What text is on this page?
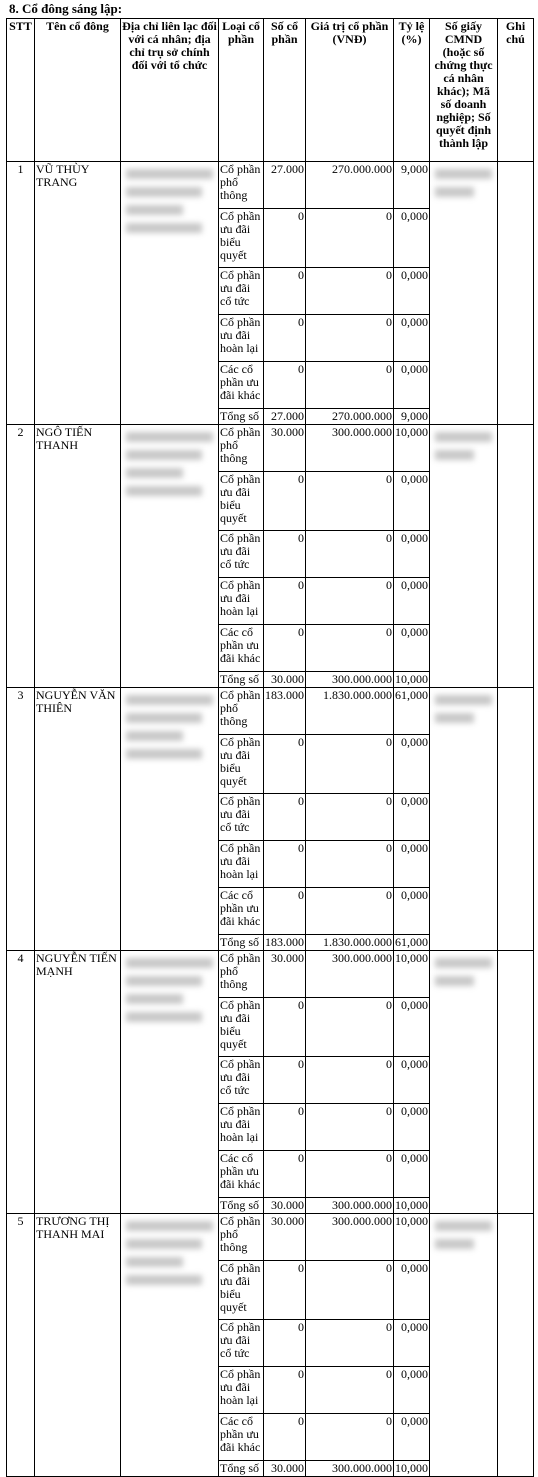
8. Cổ đông sáng lập:
STT	Tên cổ đông	Địa chỉ liên lạc đối với cá nhân; địa chỉ trụ sở chính đối với tổ chức	Loại cổ phần	Số cổ phần	Giá trị cổ phần (VNĐ)	Tỷ lệ (%)	Số giấy CMND (hoặc số chứng thực cá nhân khác); Mã số doanh nghiệp; Số quyết định thành lập	Ghi chú
1	VŨ THÙY TRANG		Cổ phần phổ thông	27.000	270.000.000	9,000	

			Cổ phần ưu đãi biểu quyết	0	0	0,000		
			Cổ phần ưu đãi cổ tức	0	0	0,000		
			Cổ phần ưu đãi hoàn lại	0	0	0,000		
			Các cổ phần ưu đãi khác	0	0	0,000		
			Tổng số	27.000	270.000.000	9,000		
2	NGÔ TIẾN THANH		Cổ phần phổ thông	30.000	300.000.000	10,000	

			Cổ phần ưu đãi biểu quyết	0	0	0,000		
			Cổ phần ưu đãi cổ tức	0	0	0,000		
			Cổ phần ưu đãi hoàn lại	0	0	0,000		
			Các cổ phần ưu đãi khác	0	0	0,000		
			Tổng số	30.000	300.000.000	10,000		
3	NGUYỄN VĂN THIÊN		Cổ phần phổ thông	183.000	1.830.000.000	61,000	

			Cổ phần ưu đãi biểu quyết	0	0	0,000		
			Cổ phần ưu đãi cổ tức	0	0	0,000		
			Cổ phần ưu đãi hoàn lại	0	0	0,000		
			Các cổ phần ưu đãi khác	0	0	0,000		
			Tổng số	183.000	1.830.000.000	61,000		
4	NGUYỄN TIẾN MẠNH		Cổ phần phổ thông	30.000	300.000.000	10,000	

			Cổ phần ưu đãi biểu quyết	0	0	0,000		
			Cổ phần ưu đãi cổ tức	0	0	0,000		
			Cổ phần ưu đãi hoàn lại	0	0	0,000		
			Các cổ phần ưu đãi khác	0	0	0,000		
			Tổng số	30.000	300.000.000	10,000		
5	TRƯƠNG THỊ THANH MAI		Cổ phần phổ thông	30.000	300.000.000	10,000	

			Cổ phần ưu đãi biểu quyết	0	0	0,000		
			Cổ phần ưu đãi cổ tức	0	0	0,000		
			Cổ phần ưu đãi hoàn lại	0	0	0,000		
			Các cổ phần ưu đãi khác	0	0	0,000		
			Tổng số	30.000	300.000.000	10,000		
